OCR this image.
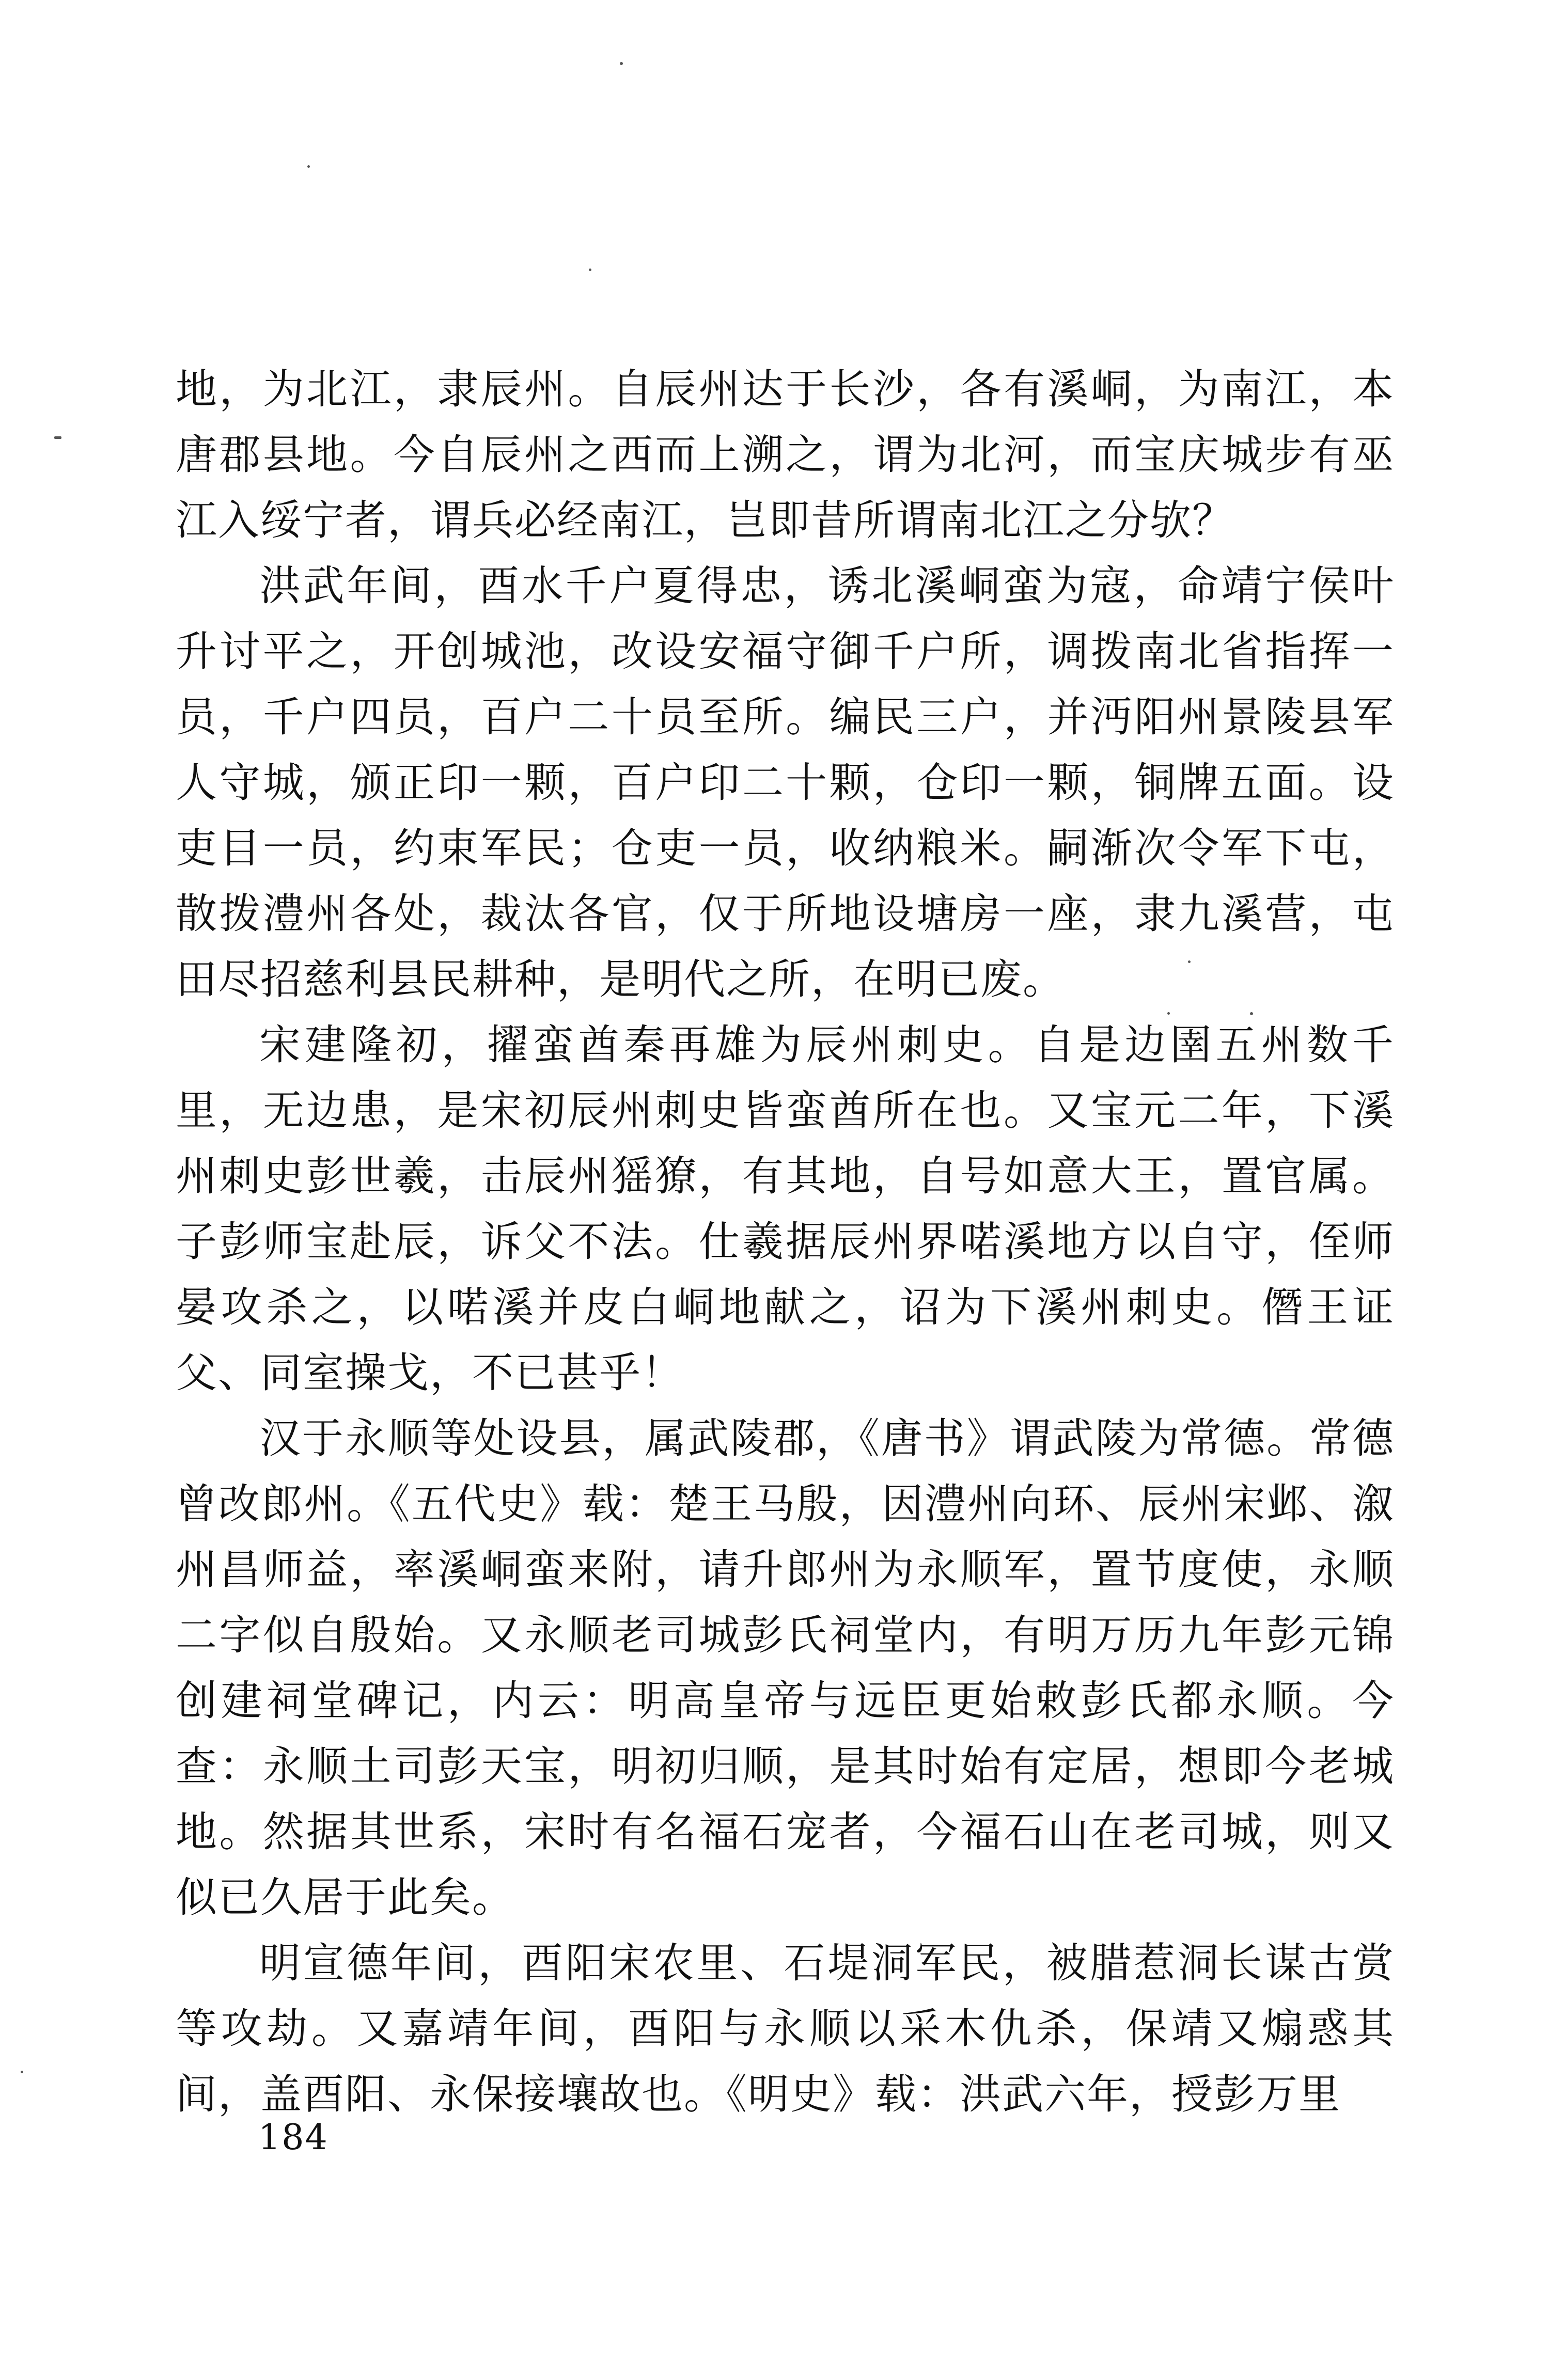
地，为北江，隶辰州。自辰州达于长沙，各有溪峒，为南江，本唐郡县地。今自辰州之西而上溯之，谓为北河，而宝庆城步有巫江入绥宁者，谓兵必经南江，岂即昔所谓南北江之分欤？

洪武年间，酉水千户夏得忠，诱北溪峒蛮为寇，命靖宁侯叶升讨平之，开创城池，改设安福守御千户所，调拨南北省指挥一员，千户四员，百户二十员至所。编民三户，并沔阳州景陵县军人守城，颁正印一颗，百户印二十颗，仓印一颗，铜牌五面。设吏目一员，约束军民；仓吏一员，收纳粮米。嗣渐次令军下屯，散拨澧州各处，裁汰各官，仅于所地设塘房一座，隶九溪营，屯田尽招慈利县民耕种，是明代之所，在明已废。

宋建隆初，擢蛮酋秦再雄为辰州刺史。自是边圉五州数千里，无边患，是宋初辰州刺史皆蛮酋所在也。又宝元二年，下溪州刺史彭世羲，击辰州猺獠，有其地，自号如意大王，置官属。子彭师宝赴辰，诉父不法。仕羲据辰州界喏溪地方以自守，侄师晏攻杀之，以喏溪并皮白峒地献之，诏为下溪州刺史。僭王证父、同室操戈，不已甚乎！

汉于永顺等处设县，属武陵郡，《唐书》谓武陵为常德。常德曾改郎州。《五代史》载：楚王马殷，因澧州向环、辰州宋邺、溆州昌师益，率溪峒蛮来附，请升郎州为永顺军，置节度使，永顺二字似自殷始。又永顺老司城彭氏祠堂内，有明万历九年彭元锦创建祠堂碑记，内云：明高皇帝与远臣更始敕彭氏都永顺。今查：永顺土司彭天宝，明初归顺，是其时始有定居，想即今老城地。然据其世系，宋时有名福石宠者，今福石山在老司城，则又似已久居于此矣。

明宣德年间，酉阳宋农里、石堤洞军民，被腊惹洞长谋古赏等攻劫。又嘉靖年间，酉阳与永顺以采木仇杀，保靖又煽惑其间，盖酉阳、永保接壤故也。《明史》载：洪武六年，授彭万里

184
